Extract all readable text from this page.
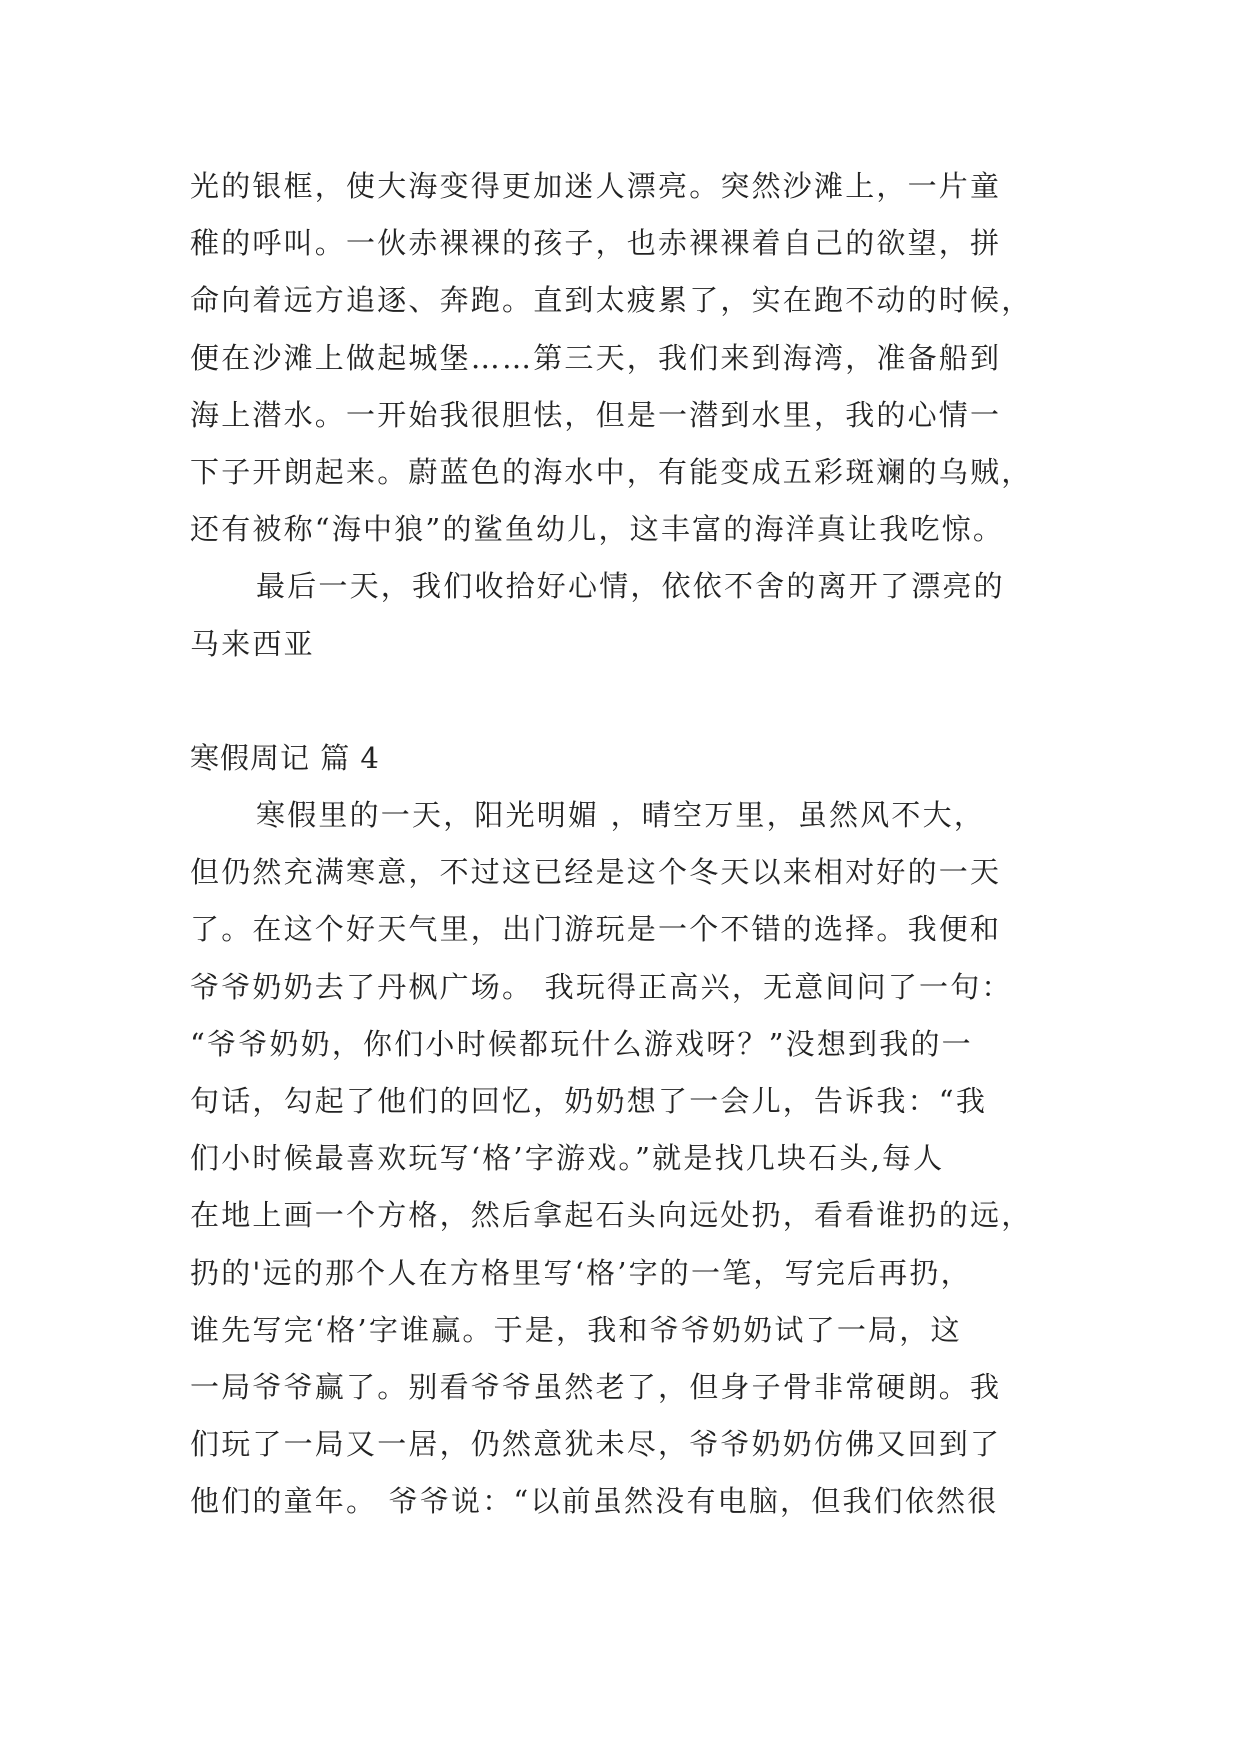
光的银框，使大海变得更加迷人漂亮。突然沙滩上，一片童
稚的呼叫。一伙赤裸裸的孩子，也赤裸裸着自己的欲望，拼
命向着远方追逐、奔跑。直到太疲累了，实在跑不动的时候，
便在沙滩上做起城堡……第三天，我们来到海湾，准备船到
海上潜水。一开始我很胆怯，但是一潜到水里，我的心情一
下子开朗起来。蔚蓝色的海水中，有能变成五彩斑斓的乌贼，
还有被称“海中狼”的鲨鱼幼儿，这丰富的海洋真让我吃惊。
最后一天，我们收拾好心情，依依不舍的离开了漂亮的
马来西亚
寒假周记 篇 4
寒假里的一天，阳光明媚 ，晴空万里，虽然风不大，
但仍然充满寒意，不过这已经是这个冬天以来相对好的一天
了。在这个好天气里，出门游玩是一个不错的选择。我便和
爷爷奶奶去了丹枫广场。 我玩得正高兴，无意间问了一句：
“爷爷奶奶，你们小时候都玩什么游戏呀？”没想到我的一
句话，勾起了他们的回忆，奶奶想了一会儿，告诉我：“我
们小时候最喜欢玩写‘格’字游戏。”就是找几块石头,每人
在地上画一个方格，然后拿起石头向远处扔，看看谁扔的远，
扔的'远的那个人在方格里写‘格’字的一笔，写完后再扔，
谁先写完‘格’字谁赢。于是，我和爷爷奶奶试了一局，这
一局爷爷赢了。别看爷爷虽然老了，但身子骨非常硬朗。我
们玩了一局又一居，仍然意犹未尽，爷爷奶奶仿佛又回到了
他们的童年。 爷爷说：“以前虽然没有电脑，但我们依然很
